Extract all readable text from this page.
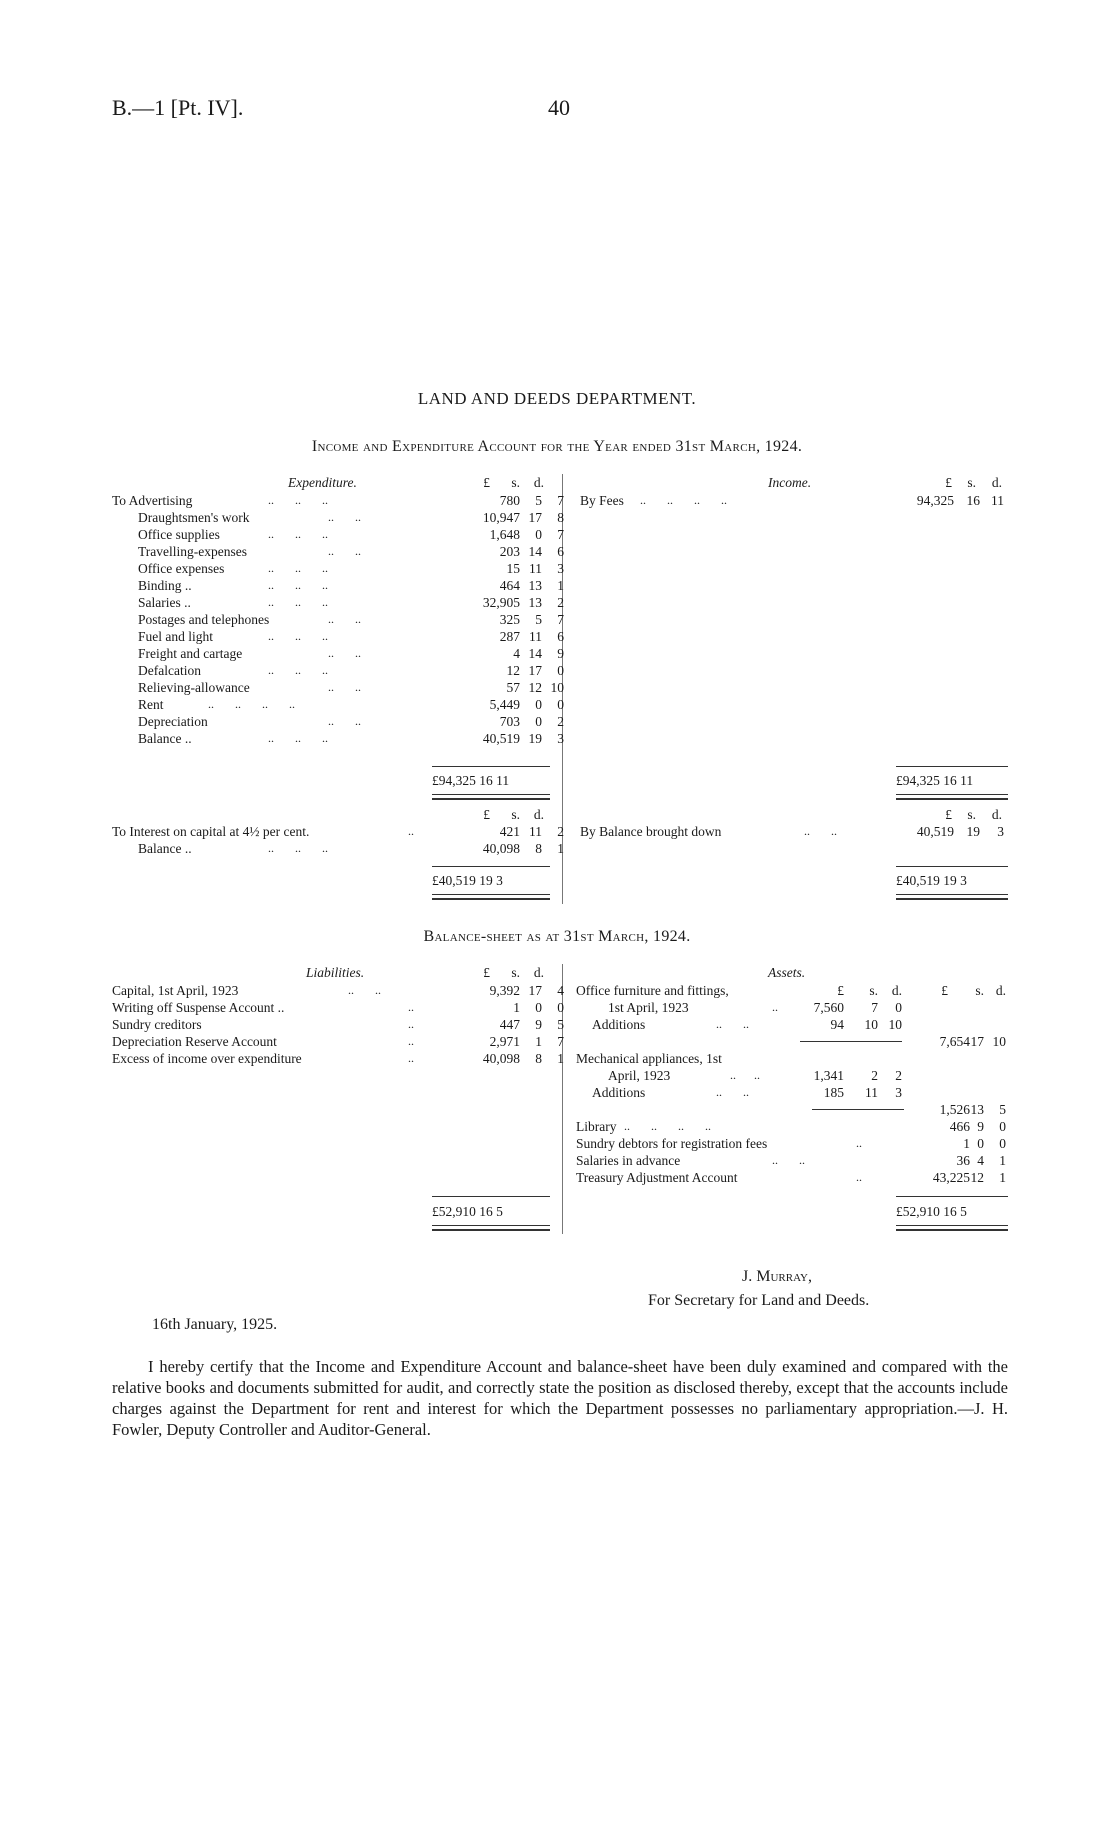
B.—1 [Pt. IV].	40
LAND AND DEEDS DEPARTMENT.
Income and Expenditure Account for the Year ended 31st March, 1924.
Expenditure.	£	s.	d.	Income.	£	s.	d.
To Advertising	..       ..       ..	780	5	7
Draughtsmen's work	..       ..	10,947 17	8
Office supplies	..       ..       ..	1,648	0	7
Travelling-expenses	..       ..	203 14	6
Office expenses	..       ..       ..	15 11	3
Binding ..	..       ..       ..	464 13	1
Salaries ..	..       ..       ..	32,905 13	2
Postages and telephones	..       ..	325	5	7
Fuel and light	..       ..       ..	287 11	6
Freight and cartage	..       ..	4 14	9
Defalcation	..       ..       ..	12 17	0
Relieving-allowance	..       ..	57 12 10
Rent	..       ..       ..       ..	5,449	0	0
Depreciation	..       ..	703	0	2
Balance ..	..       ..       ..	40,519 19	3
By Fees ..       ..       ..       ..	94,325 16 11
£94,325 16 11	£94,325 16 11
£	s.	d.	£	s.	d.
To Interest on capital at 4½ per cent.	..	421 11	2
Balance ..	..       ..       ..	40,098	8	1
By Balance brought down	..       ..	40,519 19	3
£40,519 19 3	£40,519 19 3
Balance-sheet as at 31st March, 1924.
Liabilities.	£	s.	d.	Assets.
Capital, 1st April, 1923	..       ..	9,392 17	4
Writing off Suspense Account ..	..	1	0	0
Sundry creditors	..	447	9	5
Depreciation Reserve Account	..	2,971	1	7
Excess of income over expenditure	..	40,098	8	1
Office furniture and fittings,	£	s.	d.	£	s. d.
1st April, 1923	..	7,560	7	0
Additions	..       ..	94	10 10
7,654 17 10
Mechanical appliances, 1st
April, 1923	..      ..	1,341	2	2
Additions	..       ..	185	11	3
1,526 13	5
Library ..       ..       ..       ..	466 9	0
Sundry debtors for registration fees	..	1 0	0
Salaries in advance	..       ..	36 4	1
Treasury Adjustment Account	..	43,225 12	1
£52,910 16 5	£52,910 16 5
J. Murray,
For Secretary for Land and Deeds.
16th January, 1925.

I hereby certify that the Income and Expenditure Account and balance-sheet have been duly examined and compared with the relative books and documents submitted for audit, and correctly state the position as disclosed thereby, except that the accounts include charges against the Department for rent and interest for which the Department possesses no parliamentary appropriation.—J. H. Fowler, Deputy Controller and Auditor-General.
